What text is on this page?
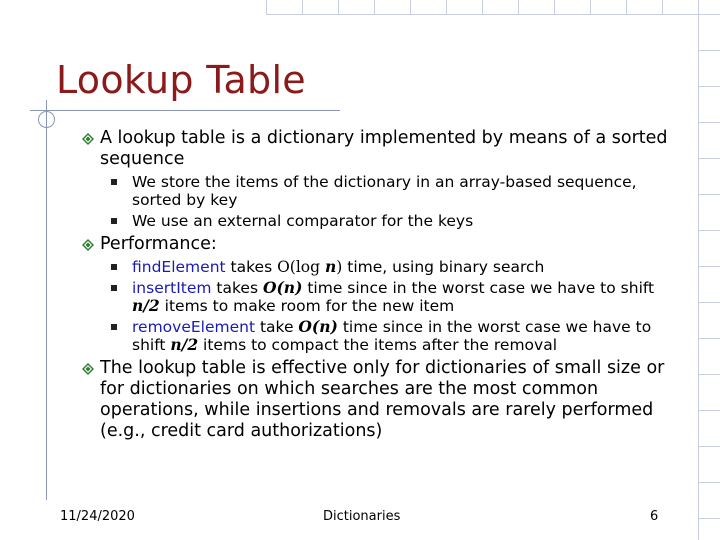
Lookup Table
A lookup table is a dictionary implemented by means of a sorted sequence
We store the items of the dictionary in an array-based sequence, sorted by key
We use an external comparator for the keys
Performance:
findElement takes O(log n) time, using binary search
insertItem takes O(n) time since in the worst case we have to shift n/2 items to make room for the new item
removeElement take O(n) time since in the worst case we have to shift n/2 items to compact the items after the removal
The lookup table is effective only for dictionaries of small size or for dictionaries on which searches are the most common operations, while insertions and removals are rarely performed (e.g., credit card authorizations)
11/24/2020	Dictionaries	6
